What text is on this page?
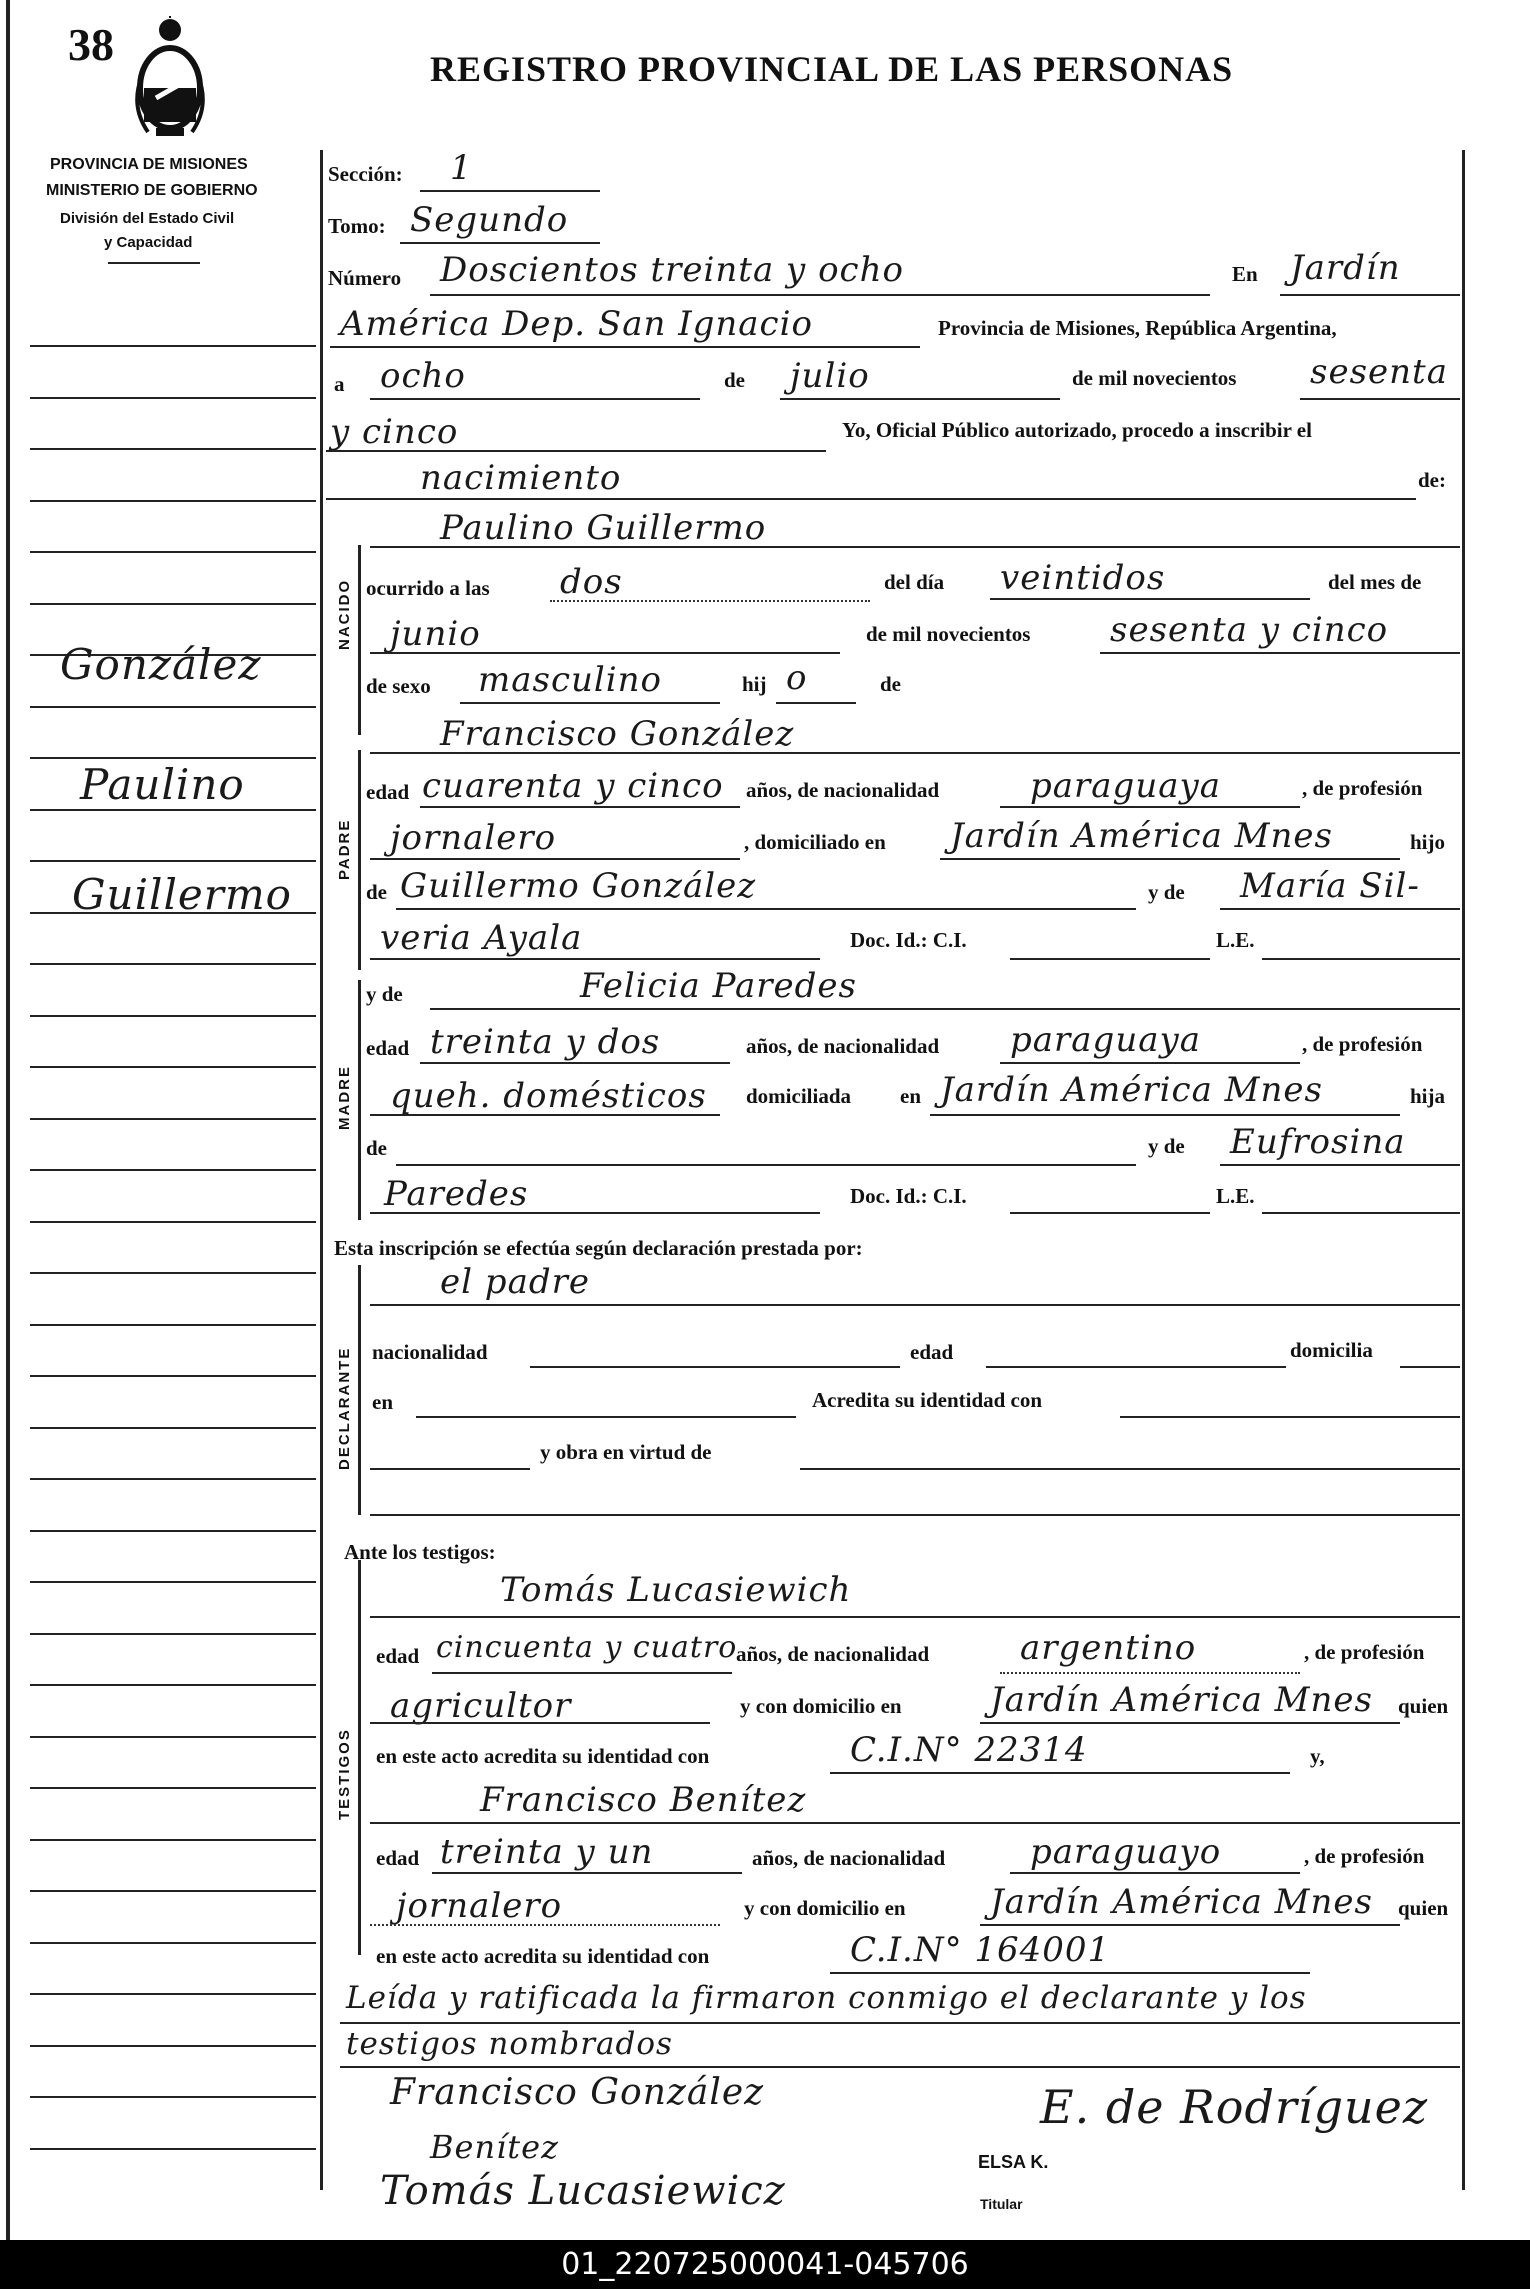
38	REGISTRO PROVINCIAL DE LAS PERSONAS
PROVINCIA DE MISIONES
MINISTERIO DE GOBIERNO
División del Estado Civil
y Capacidad
González
Paulino
Guillermo
NACIDO
PADRE
MADRE
DECLARANTE
TESTIGOS
Sección: 1
Tomo: Segundo
Número Doscientos treinta y ocho	En Jardín
América Dep. San Ignacio	Provincia de Misiones, República Argentina,
a ocho	de julio	de mil novecientos sesenta
y cinco	Yo, Oficial Público autorizado, procedo a inscribir el
nacimiento	de:
Paulino Guillermo
ocurrido a las dos	del día veintidos	del mes de
junio	de mil novecientos sesenta y cinco
de sexo masculino	hij o	de
Francisco González
edad cuarenta y cinco años, de nacionalidad	paraguaya	, de profesión
jornalero	, domiciliado en Jardín América Mnes	hijo
de Guillermo González	y de María Sil-
veria Ayala	Doc. Id.: C.I.	L.E.
y de	Felicia Paredes
edad treinta y dos	años, de nacionalidad paraguaya	, de profesión
queh. domésticos domiciliada en Jardín América Mnes	hija
de	y de Eufrosina
Paredes	Doc. Id.: C.I.	L.E.
Esta inscripción se efectúa según declaración prestada por:
el padre
nacionalidad	edad	domicilia
en	Acredita su identidad con
y obra en virtud de
Ante los testigos:
Tomás Lucasiewich
edad cincuenta y cuatro
años, de nacionalidad	argentino	, de profesión
agricultor	y con domicilio en	Jardín América Mnes quien
en este acto acredita su identidad con	C.I.N° 22314	y,
Francisco Benítez
edad treinta y un	años, de nacionalidad paraguayo	, de profesión
jornalero	y con domicilio en Jardín América Mnes quien
en este acto acredita su identidad con	C.I.N° 164001
Leída y ratificada la firmaron conmigo el declarante y los
testigos nombrados
Francisco González
Benítez
Tomás Lucasiewicz
E. de Rodríguez
ELSA K.
Titular
01_220725000041-045706
